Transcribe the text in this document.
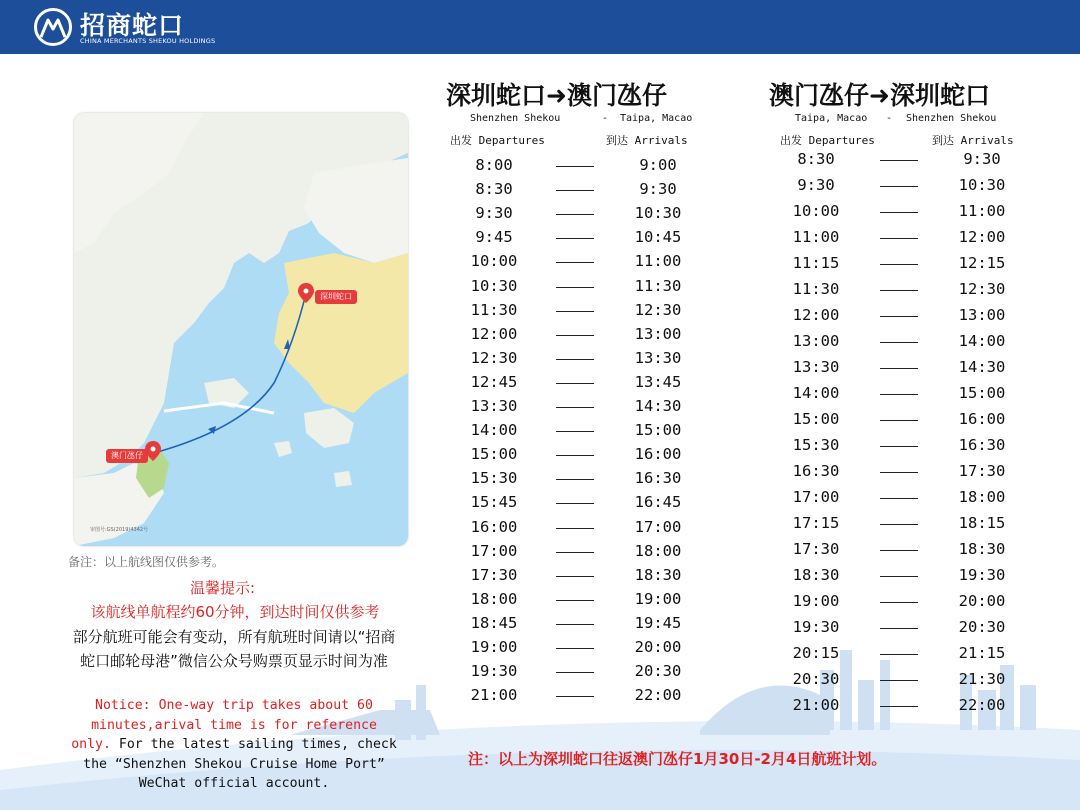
招商蛇口
CHINA MERCHANTS SHEKOU HOLDINGS
深圳蛇口
澳门氹仔
审图号:GS(2019)4342号
备注：以上航线图仅供参考。
温馨提示:
该航线单航程约60分钟，到达时间仅供参考
部分航班可能会有变动，所有航班时间请以“招商蛇口邮轮母港”微信公众号购票页显示时间为准
Notice: One-way trip takes about 60 minutes,arival time is for reference only. For the latest sailing times, check the “Shenzhen Shekou Cruise Home Port” WeChat official account.
深圳蛇口➜澳门氹仔
Shenzhen Shekou	- Taipa, Macao
出发 Departures	到达 Arrivals
8:00	9:00
8:30	9:30
9:30	10:30
9:45	10:45
10:00	11:00
10:30	11:30
11:30	12:30
12:00	13:00
12:30	13:30
12:45	13:45
13:30	14:30
14:00	15:00
15:00	16:00
15:30	16:30
15:45	16:45
16:00	17:00
17:00	18:00
17:30	18:30
18:00	19:00
18:45	19:45
19:00	20:00
19:30	20:30
21:00	22:00
澳门氹仔➜深圳蛇口
Taipa, Macao - Shenzhen Shekou
出发 Departures	到达 Arrivals
8:30	9:30
9:30	10:30
10:00	11:00
11:00	12:00
11:15	12:15
11:30	12:30
12:00	13:00
13:00	14:00
13:30	14:30
14:00	15:00
15:00	16:00
15:30	16:30
16:30	17:30
17:00	18:00
17:15	18:15
17:30	18:30
18:30	19:30
19:00	20:00
19:30	20:30
20:15	21:15
20:30	21:30
21:00	22:00
注：以上为深圳蛇口往返澳门氹仔1月30日-2月4日航班计划。
